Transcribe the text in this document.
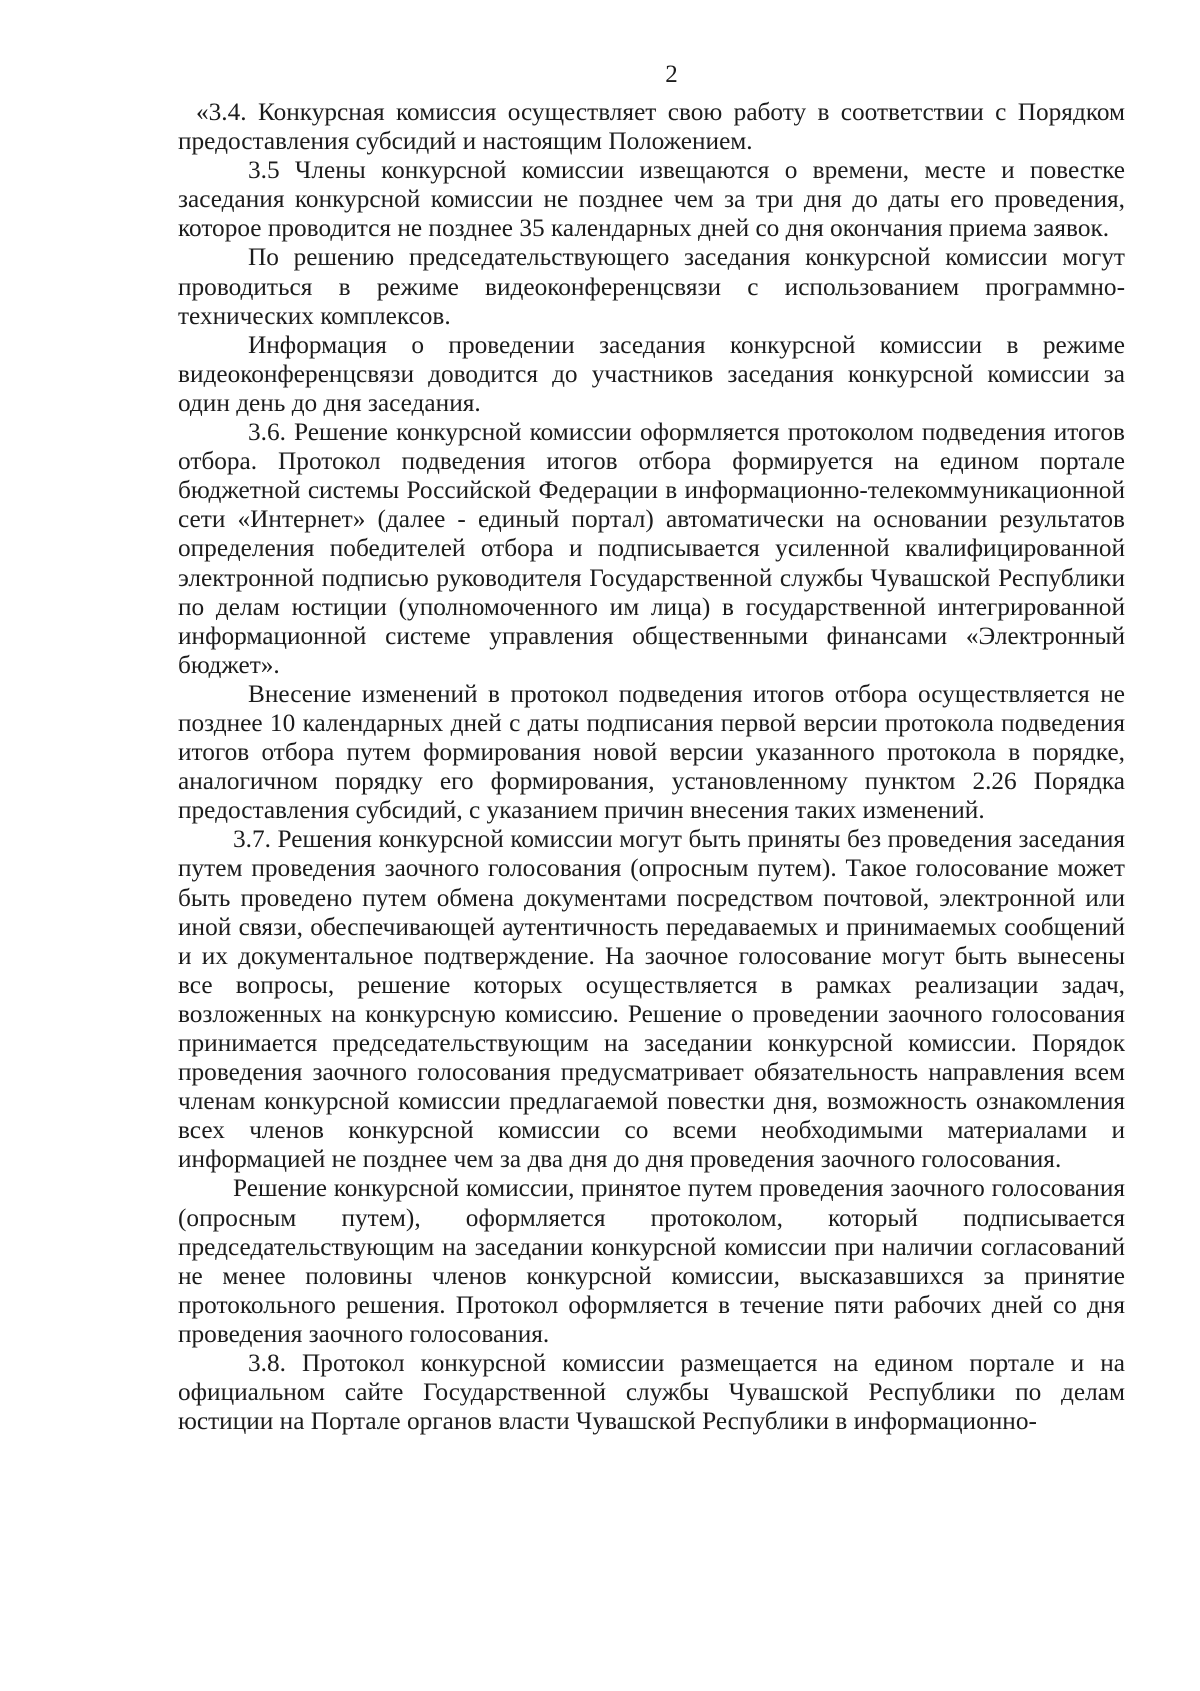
2

«3.4. Конкурсная комиссия осуществляет свою работу в соответствии с Порядком предоставления субсидий и настоящим Положением.

3.5 Члены конкурсной комиссии извещаются о времени, месте и повестке заседания конкурсной комиссии не позднее чем за три дня до даты его проведения, которое проводится не позднее 35 календарных дней со дня окончания приема заявок.

По решению председательствующего заседания конкурсной комиссии могут проводиться в режиме видеоконференцсвязи с использованием программно-технических комплексов.

Информация о проведении заседания конкурсной комиссии в режиме видеоконференцсвязи доводится до участников заседания конкурсной комиссии за один день до дня заседания.

3.6. Решение конкурсной комиссии оформляется протоколом подведения итогов отбора. Протокол подведения итогов отбора формируется на едином портале бюджетной системы Российской Федерации в информационно-телекоммуникационной сети «Интернет» (далее - единый портал) автоматически на основании результатов определения победителей отбора и подписывается усиленной квалифицированной электронной подписью руководителя Государственной службы Чувашской Республики по делам юстиции (уполномоченного им лица) в государственной интегрированной информационной системе управления общественными финансами «Электронный бюджет».

Внесение изменений в протокол подведения итогов отбора осуществляется не позднее 10 календарных дней с даты подписания первой версии протокола подведения итогов отбора путем формирования новой версии указанного протокола в порядке, аналогичном порядку его формирования, установленному пунктом 2.26 Порядка предоставления субсидий, с указанием причин внесения таких изменений.

3.7. Решения конкурсной комиссии могут быть приняты без проведения заседания путем проведения заочного голосования (опросным путем). Такое голосование может быть проведено путем обмена документами посредством почтовой, электронной или иной связи, обеспечивающей аутентичность передаваемых и принимаемых сообщений и их документальное подтверждение. На заочное голосование могут быть вынесены все вопросы, решение которых осуществляется в рамках реализации задач, возложенных на конкурсную комиссию. Решение о проведении заочного голосования принимается председательствующим на заседании конкурсной комиссии. Порядок проведения заочного голосования предусматривает обязательность направления всем членам конкурсной комиссии предлагаемой повестки дня, возможность ознакомления всех членов конкурсной комиссии со всеми необходимыми материалами и информацией не позднее чем за два дня до дня проведения заочного голосования.

Решение конкурсной комиссии, принятое путем проведения заочного голосования (опросным путем), оформляется протоколом, который подписывается председательствующим на заседании конкурсной комиссии при наличии согласований не менее половины членов конкурсной комиссии, высказавшихся за принятие протокольного решения. Протокол оформляется в течение пяти рабочих дней со дня проведения заочного голосования.

3.8. Протокол конкурсной комиссии размещается на едином портале и на официальном сайте Государственной службы Чувашской Республики по делам юстиции на Портале органов власти Чувашской Республики в информационно-
